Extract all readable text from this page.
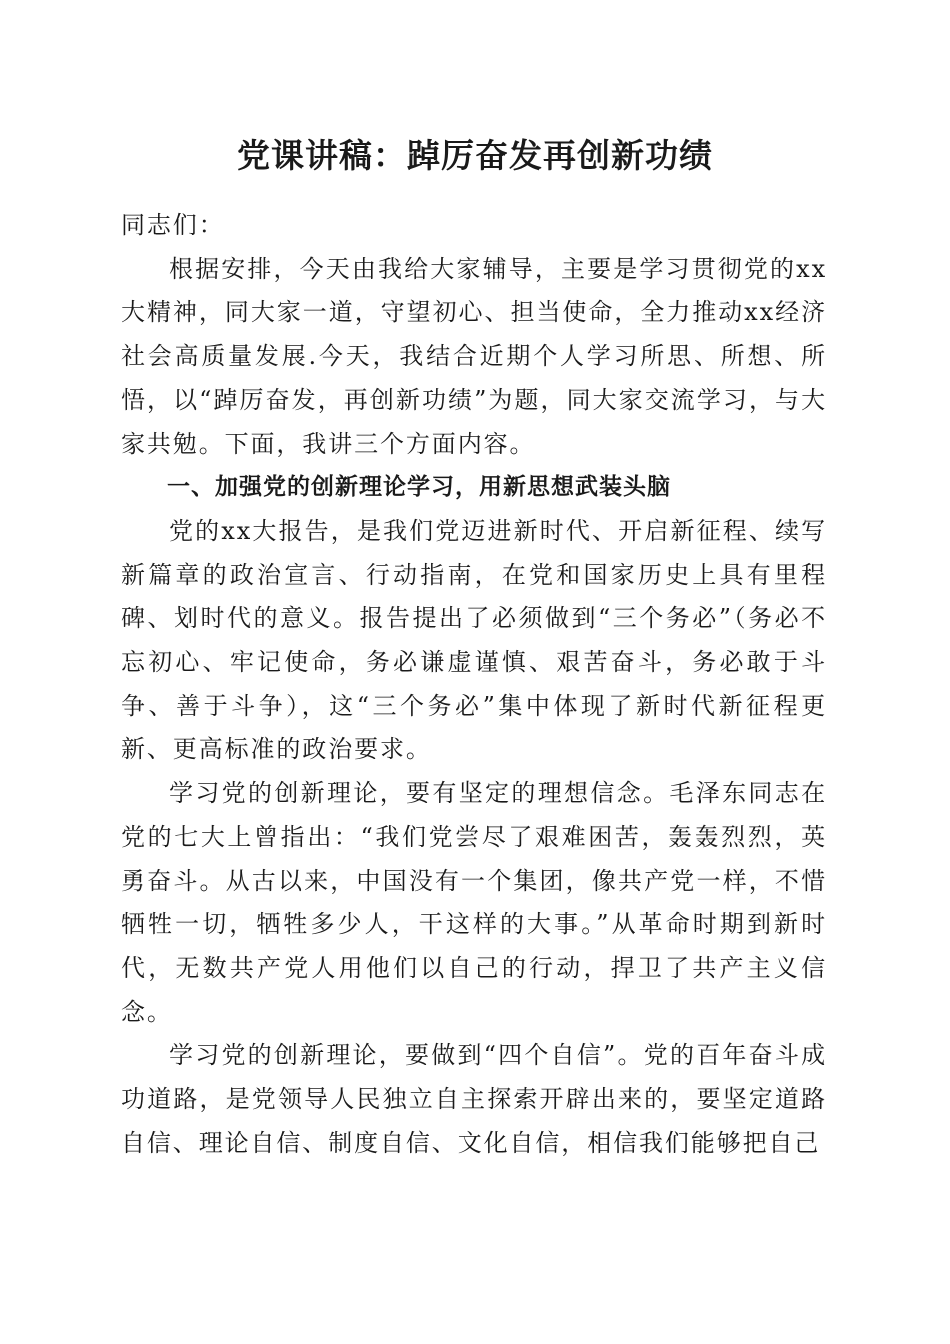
党课讲稿：踔厉奋发再创新功绩

同志们：

根据安排，今天由我给大家辅导，主要是学习贯彻党的xx大精神，同大家一道，守望初心、担当使命，全力推动xx经济社会高质量发展.今天，我结合近期个人学习所思、所想、所悟，以“踔厉奋发，再创新功绩”为题，同大家交流学习，与大家共勉。下面，我讲三个方面内容。

一、加强党的创新理论学习，用新思想武装头脑

党的xx大报告，是我们党迈进新时代、开启新征程、续写新篇章的政治宣言、行动指南，在党和国家历史上具有里程碑、划时代的意义。报告提出了必须做到“三个务必”（务必不忘初心、牢记使命，务必谦虚谨慎、艰苦奋斗，务必敢于斗争、善于斗争），这“三个务必”集中体现了新时代新征程更新、更高标准的政治要求。

学习党的创新理论，要有坚定的理想信念。毛泽东同志在党的七大上曾指出：“我们党尝尽了艰难困苦，轰轰烈烈，英勇奋斗。从古以来，中国没有一个集团，像共产党一样，不惜牺牲一切，牺牲多少人，干这样的大事。”从革命时期到新时代，无数共产党人用他们以自己的行动，捍卫了共产主义信念。

学习党的创新理论，要做到“四个自信”。党的百年奋斗成功道路，是党领导人民独立自主探索开辟出来的，要坚定道路自信、理论自信、制度自信、文化自信，相信我们能够把自己
